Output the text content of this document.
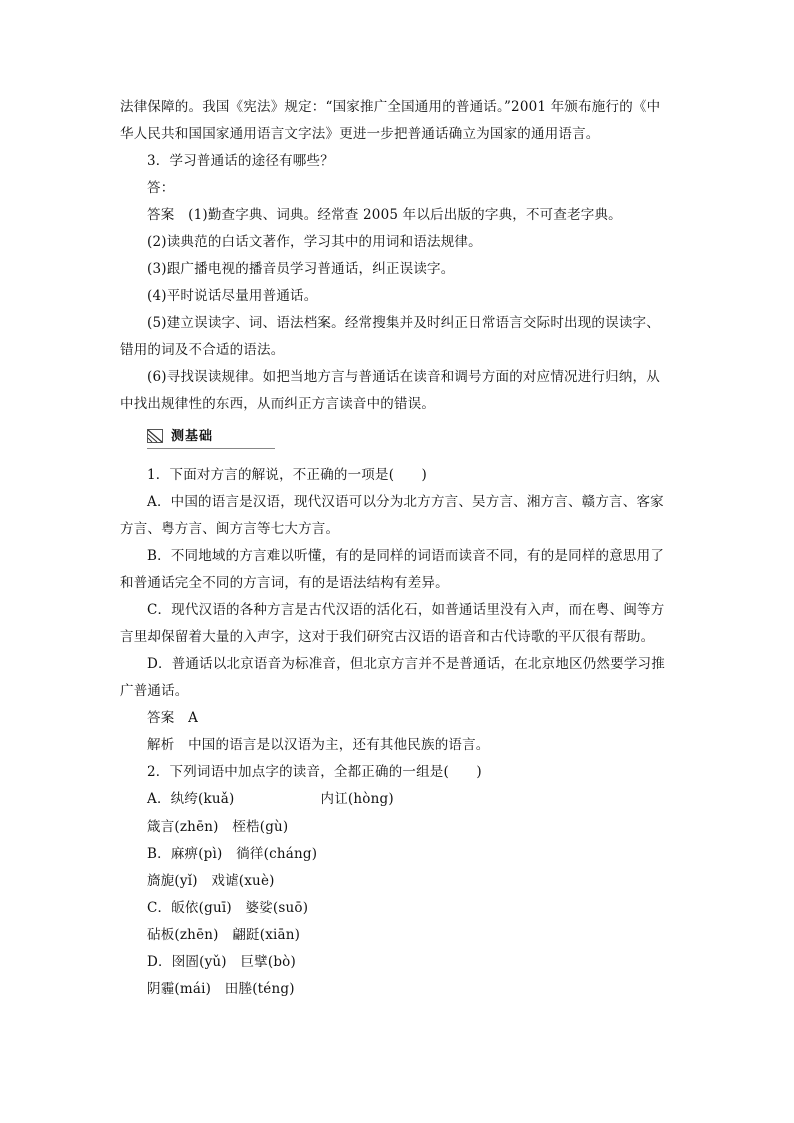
法律保障的。我国《宪法》规定：“国家推广全国通用的普通话。”2001 年颁布施行的《中

华人民共和国国家通用语言文字法》更进一步把普通话确立为国家的通用语言。

3．学习普通话的途径有哪些？

答：

答案　 (1)勤查字典、词典。经常查 2005 年以后出版的字典，不可查老字典。

(2)读典范的白话文著作，学习其中的用词和语法规律。

(3)跟广播电视的播音员学习普通话，纠正误读字。

(4)平时说话尽量用普通话。

(5)建立误读字、词、语法档案。经常搜集并及时纠正日常语言交际时出现的误读字、

错用的词及不合适的语法。

(6)寻找误读规律。如把当地方言与普通话在读音和调号方面的对应情况进行归纳，从

中找出规律性的东西，从而纠正方言读音中的错误。

测基础

1．下面对方言的解说，不正确的一项是(　　)

A．中国的语言是汉语，现代汉语可以分为北方方言、吴方言、湘方言、赣方言、客家

方言、粤方言、闽方言等七大方言。

B．不同地域的方言难以听懂，有的是同样的词语而读音不同，有的是同样的意思用了

和普通话完全不同的方言词，有的是语法结构有差异。

C．现代汉语的各种方言是古代汉语的活化石，如普通话里没有入声，而在粤、闽等方

言里却保留着大量的入声字，这对于我们研究古汉语的语音和古代诗歌的平仄很有帮助。

D．普通话以北京语音为标准音，但北京方言并不是普通话，在北京地区仍然要学习推

广普通话。

答案　 A

解析　 中国的语言是以汉语为主，还有其他民族的语言。

2．下列词语中加点字的读音，全都正确的一组是(　　)

A．纨绔(kuǎ)	内讧(hòng)

箴言(zhēn)　桎梏(gù)

B．麻痹(pì)　徜徉(cháng)

旖旎(yǐ)　戏谑(xuè)

C．皈依(guī)　婆娑(suō)

砧板(zhēn)　翩跹(xiān)

D．囹圄(yǔ)　巨擘(bò)

阴霾(mái)　田塍(téng)
